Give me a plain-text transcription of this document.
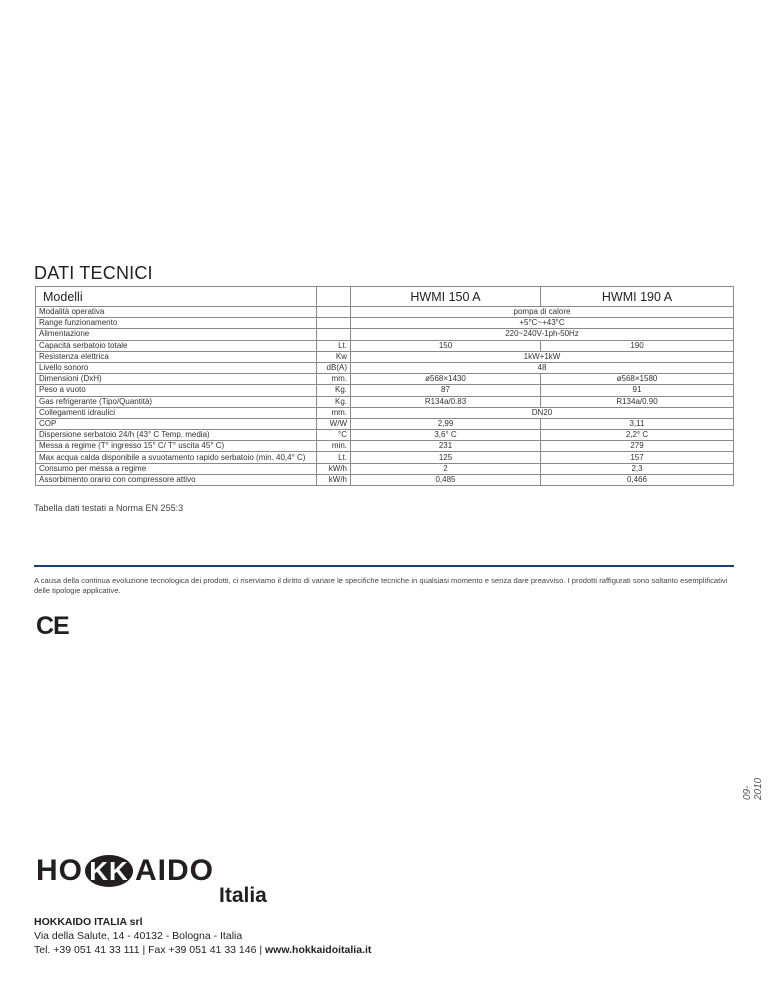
DATI TECNICI
Modelli		HWMI 150 A	HWMI 190 A
Modalità operativa		pompa di calore	
Range funzionamento		+5°C~+43°C	
Alimentazione		220~240V-1ph-50Hz	
Capacità serbatoio totale	Lt.	150	190
Resistenza elettrica	Kw	1kW+1kW	
Livello sonoro	dB(A)	48	
Dimensioni (DxH)	mm.	ø568×1430	ø568×1580
Peso a vuoto	Kg.	87	91
Gas refrigerante (Tipo/Quantità)	Kg.	R134a/0.83	R134a/0.90
Collegamenti idraulici	mm.	DN20	
COP	W/W	2,99	3,11
Dispersione serbatoio 24/h (43° C Temp. media)	°C	3,6° C	2,2° C
Messa a regime (T° ingresso 15° C/ T° uscita 45° C)	min.	231	279
Max acqua calda disponibile a svuotamento rapido serbatoio (min. 40,4° C)	Lt.	125	157
Consumo per messa a regime	kW/h	2	2,3
Assorbimento orario con compressore attivo	kW/h	0,485	0,466
Tabella dati testati a Norma EN 255:3
A causa della continua evoluzione tecnologica dei prodotti, ci riserviamo il diritto di variare le specifiche tecniche in qualsiasi momento e senza dare preavviso. I prodotti raffigurati sono soltanto esemplificativi delle tipologie applicative.
CE
09-2010
HO KK AIDO
Italia
HOKKAIDO ITALIA srl
Via della Salute, 14 - 40132 - Bologna - Italia
Tel. +39 051 41 33 111 | Fax +39 051 41 33 146 | www.hokkaidoitalia.it
